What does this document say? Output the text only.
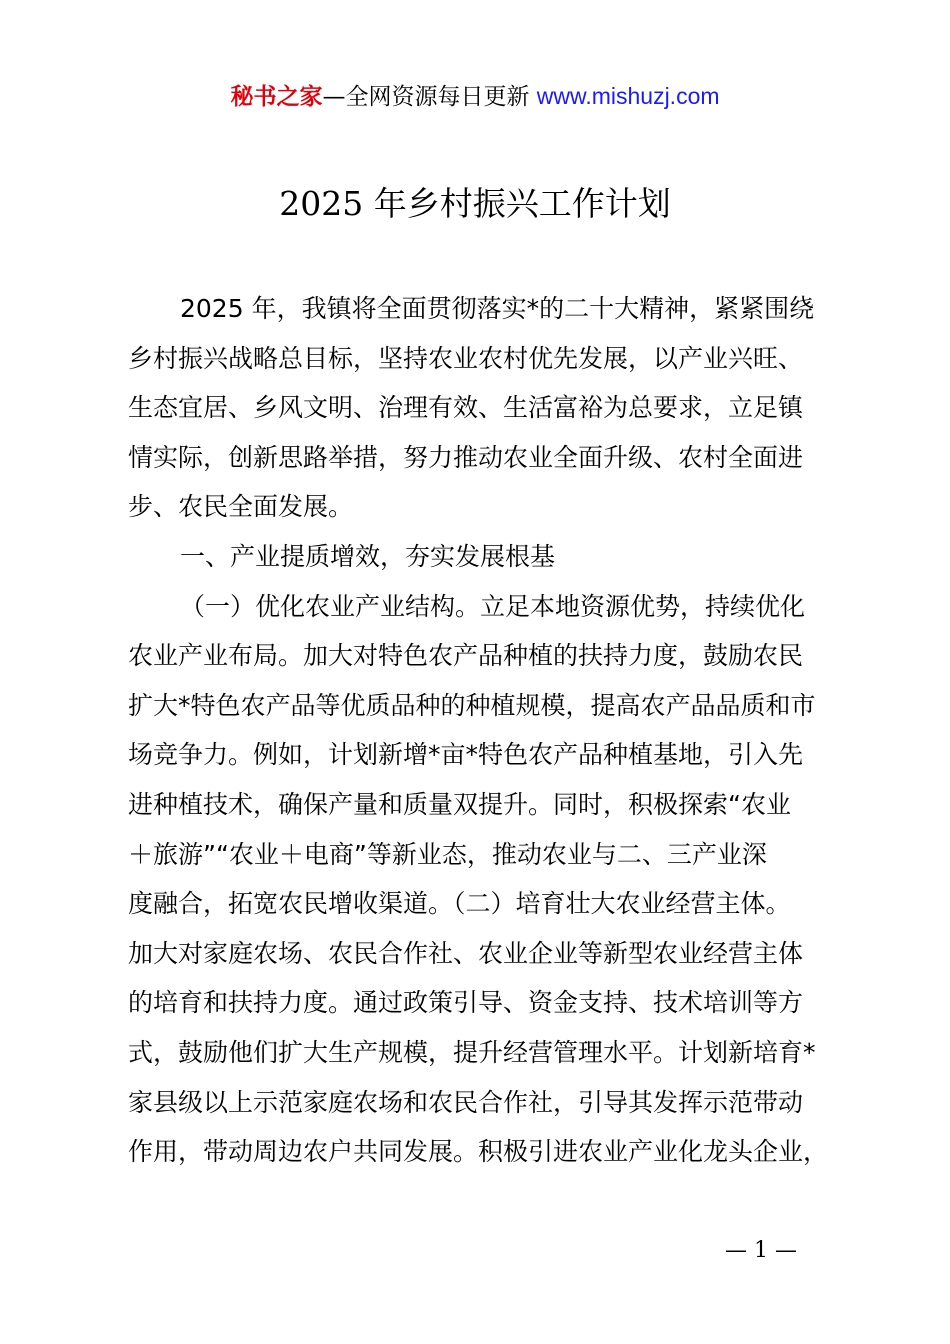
秘书之家—全网资源每日更新 www.mishuzj.com
2025 年乡村振兴工作计划
2025 年，我镇将全面贯彻落实*的二十大精神，紧紧围绕
乡村振兴战略总目标，坚持农业农村优先发展，以产业兴旺、
生态宜居、乡风文明、治理有效、生活富裕为总要求，立足镇
情实际，创新思路举措，努力推动农业全面升级、农村全面进
步、农民全面发展。
一、产业提质增效，夯实发展根基
（一）优化农业产业结构。立足本地资源优势，持续优化
农业产业布局。加大对特色农产品种植的扶持力度，鼓励农民
扩大*特色农产品等优质品种的种植规模，提高农产品品质和市
场竞争力。例如，计划新增*亩*特色农产品种植基地，引入先
进种植技术，确保产量和质量双提升。同时，积极探索“农业
＋旅游”“农业＋电商”等新业态，推动农业与二、三产业深
度融合，拓宽农民增收渠道。（二）培育壮大农业经营主体。
加大对家庭农场、农民合作社、农业企业等新型农业经营主体
的培育和扶持力度。通过政策引导、资金支持、技术培训等方
式，鼓励他们扩大生产规模，提升经营管理水平。计划新培育*
家县级以上示范家庭农场和农民合作社，引导其发挥示范带动
作用，带动周边农户共同发展。积极引进农业产业化龙头企业，
— 1 —
